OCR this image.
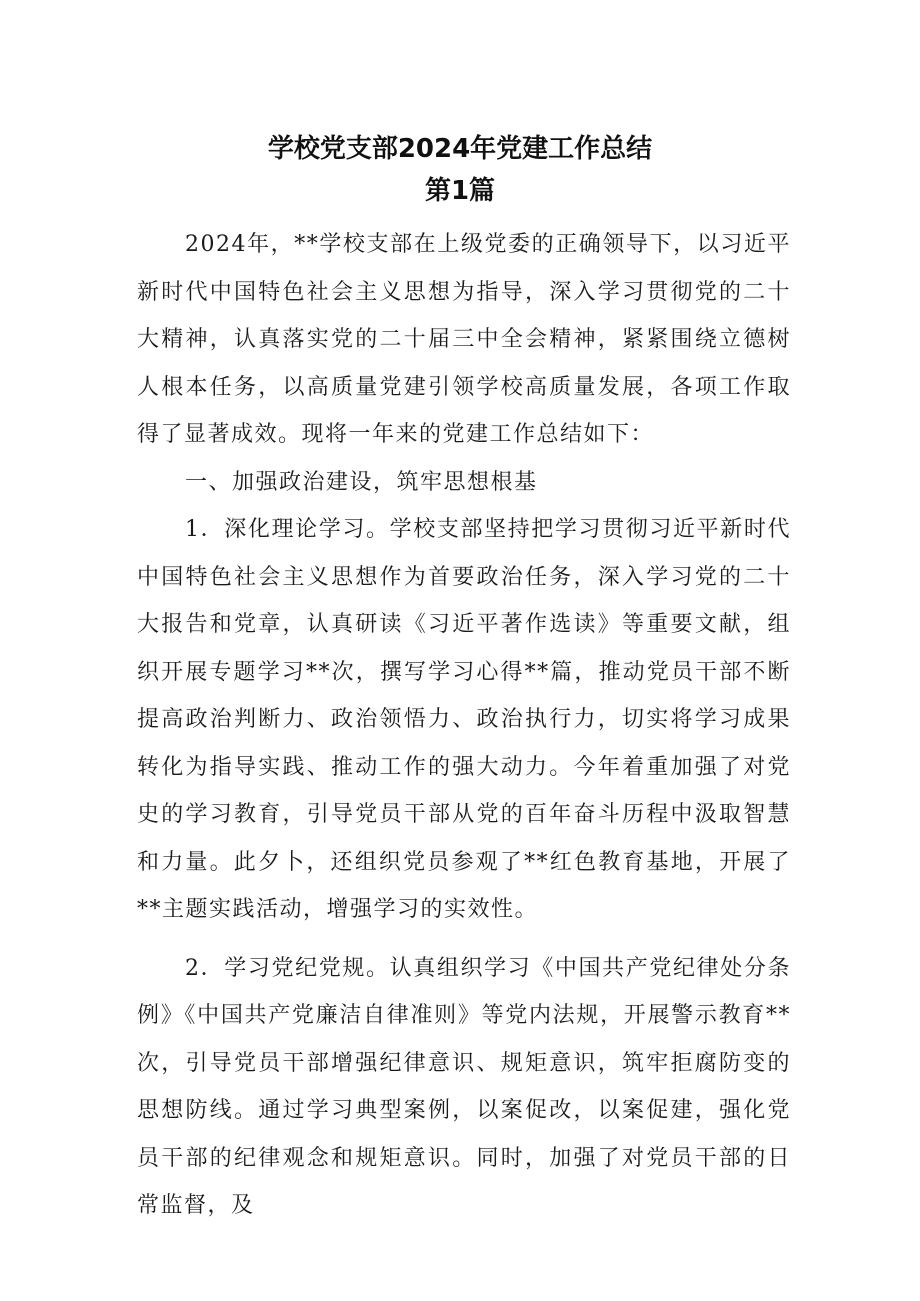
学校党支部2024年党建工作总结
第1篇

2024年，**学校支部在上级党委的正确领导下，以习近平新时代中国特色社会主义思想为指导，深入学习贯彻党的二十大精神，认真落实党的二十届三中全会精神，紧紧围绕立德树人根本任务，以高质量党建引领学校高质量发展，各项工作取得了显著成效。现将一年来的党建工作总结如下：

一、加强政治建设，筑牢思想根基

1．深化理论学习。学校支部坚持把学习贯彻习近平新时代中国特色社会主义思想作为首要政治任务，深入学习党的二十大报告和党章，认真研读《习近平著作选读》等重要文献，组织开展专题学习**次，撰写学习心得**篇，推动党员干部不断提高政治判断力、政治领悟力、政治执行力，切实将学习成果转化为指导实践、推动工作的强大动力。今年着重加强了对党史的学习教育，引导党员干部从党的百年奋斗历程中汲取智慧和力量。此夕卜，还组织党员参观了**红色教育基地，开展了**主题实践活动，增强学习的实效性。

2．学习党纪党规。认真组织学习《中国共产党纪律处分条例》《中国共产党廉洁自律准则》等党内法规，开展警示教育**次，引导党员干部增强纪律意识、规矩意识，筑牢拒腐防变的思想防线。通过学习典型案例，以案促改，以案促建，强化党员干部的纪律观念和规矩意识。同时，加强了对党员干部的日常监督，及
